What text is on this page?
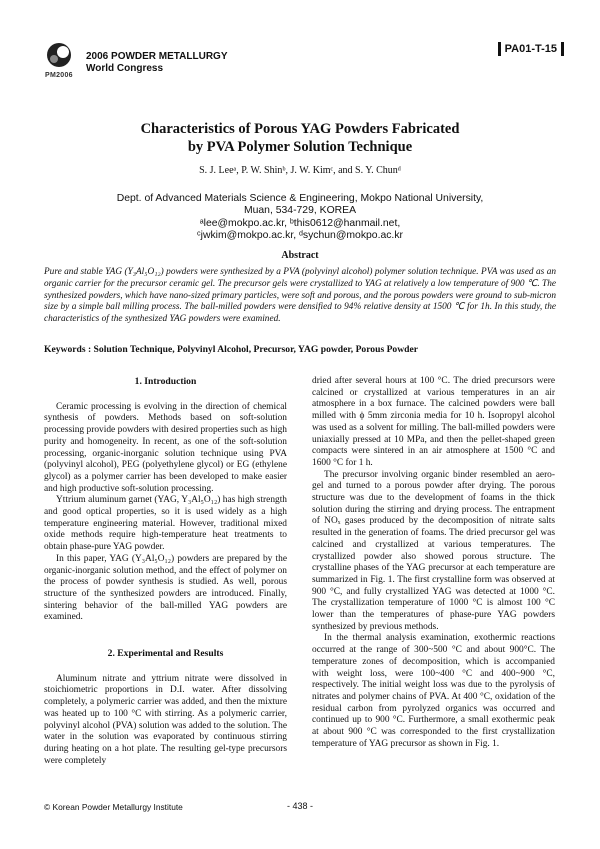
PM2006
2006 POWDER METALLURGY
World Congress
PA01-T-15
Characteristics of Porous YAG Powders Fabricated
by PVA Polymer Solution Technique
S. J. Leeᵃ, P. W. Shinᵇ, J. W. Kimᶜ, and S. Y. Chunᵈ
Dept. of Advanced Materials Science & Engineering, Mokpo National University,
Muan, 534-729, KOREA
ᵃlee@mokpo.ac.kr, ᵇthis0612@hanmail.net,
ᶜjwkim@mokpo.ac.kr, ᵈsychun@mokpo.ac.kr
Abstract
Pure and stable YAG (Y₃Al₅O₁₂) powders were synthesized by a PVA (polyvinyl alcohol) polymer solution technique. PVA was used as an organic carrier for the precursor ceramic gel. The precursor gels were crystallized to YAG at relatively a low temperature of 900 ℃. The synthesized powders, which have nano-sized primary particles, were soft and porous, and the porous powders were ground to sub-micron size by a simple ball milling process. The ball-milled powders were densified to 94% relative density at 1500 ℃ for 1h. In this study, the characteristics of the synthesized YAG powders were examined.
Keywords : Solution Technique, Polyvinyl Alcohol, Precursor, YAG powder, Porous Powder
1. Introduction

Ceramic processing is evolving in the direction of chemical synthesis of powders. Methods based on soft-solution processing provide powders with desired properties such as high purity and homogeneity. In recent, as one of the soft-solution processing, organic-inorganic solution technique using PVA (polyvinyl alcohol), PEG (polyethylene glycol) or EG (ethylene glycol) as a polymer carrier has been developed to make easier and high productive soft-solution processing.

Yttrium aluminum garnet (YAG, Y₃Al₅O₁₂) has high strength and good optical properties, so it is used widely as a high temperature engineering material. However, traditional mixed oxide methods require high-temperature heat treatments to obtain phase-pure YAG powder.

In this paper, YAG (Y₃Al₅O₁₂) powders are prepared by the organic-inorganic solution method, and the effect of polymer on the process of powder synthesis is studied. As well, porous structure of the synthesized powders are introduced. Finally, sintering behavior of the ball-milled YAG powders are examined.

2. Experimental and Results

Aluminum nitrate and yttrium nitrate were dissolved in stoichiometric proportions in D.I. water. After dissolving completely, a polymeric carrier was added, and then the mixture was heated up to 100 °C with stirring. As a polymeric carrier, polyvinyl alcohol (PVA) solution was added to the solution. The water in the solution was evaporated by continuous stirring during heating on a hot plate. The resulting gel-type precursors were completely

dried after several hours at 100 °C. The dried precursors were calcined or crystallized at various temperatures in an air atmosphere in a box furnace. The calcined powders were ball milled with ϕ 5mm zirconia media for 10 h. Isopropyl alcohol was used as a solvent for milling. The ball-milled powders were uniaxially pressed at 10 MPa, and then the pellet-shaped green compacts were sintered in an air atmosphere at 1500 °C and 1600 °C for 1 h.

The precursor involving organic binder resembled an aero-gel and turned to a porous powder after drying. The porous structure was due to the development of foams in the thick solution during the stirring and drying process. The entrapment of NOₓ gases produced by the decomposition of nitrate salts resulted in the generation of foams. The dried precursor gel was calcined and crystallized at various temperatures. The crystallized powder also showed porous structure. The crystalline phases of the YAG precursor at each temperature are summarized in Fig. 1. The first crystalline form was observed at 900 °C, and fully crystallized YAG was detected at 1000 °C. The crystallization temperature of 1000 °C is almost 100 °C lower than the temperatures of phase-pure YAG powders synthesized by previous methods.

In the thermal analysis examination, exothermic reactions occurred at the range of 300~500 °C and about 900°C. The temperature zones of decomposition, which is accompanied with weight loss, were 100~400 °C and 400~900 °C, respectively. The initial weight loss was due to the pyrolysis of nitrates and polymer chains of PVA. At 400 °C, oxidation of the residual carbon from pyrolyzed organics was occurred and continued up to 900 °C. Furthermore, a small exothermic peak at about 900 °C was corresponded to the first crystallization temperature of YAG precursor as shown in Fig. 1.

© Korean Powder Metallurgy Institute	- 438 -
